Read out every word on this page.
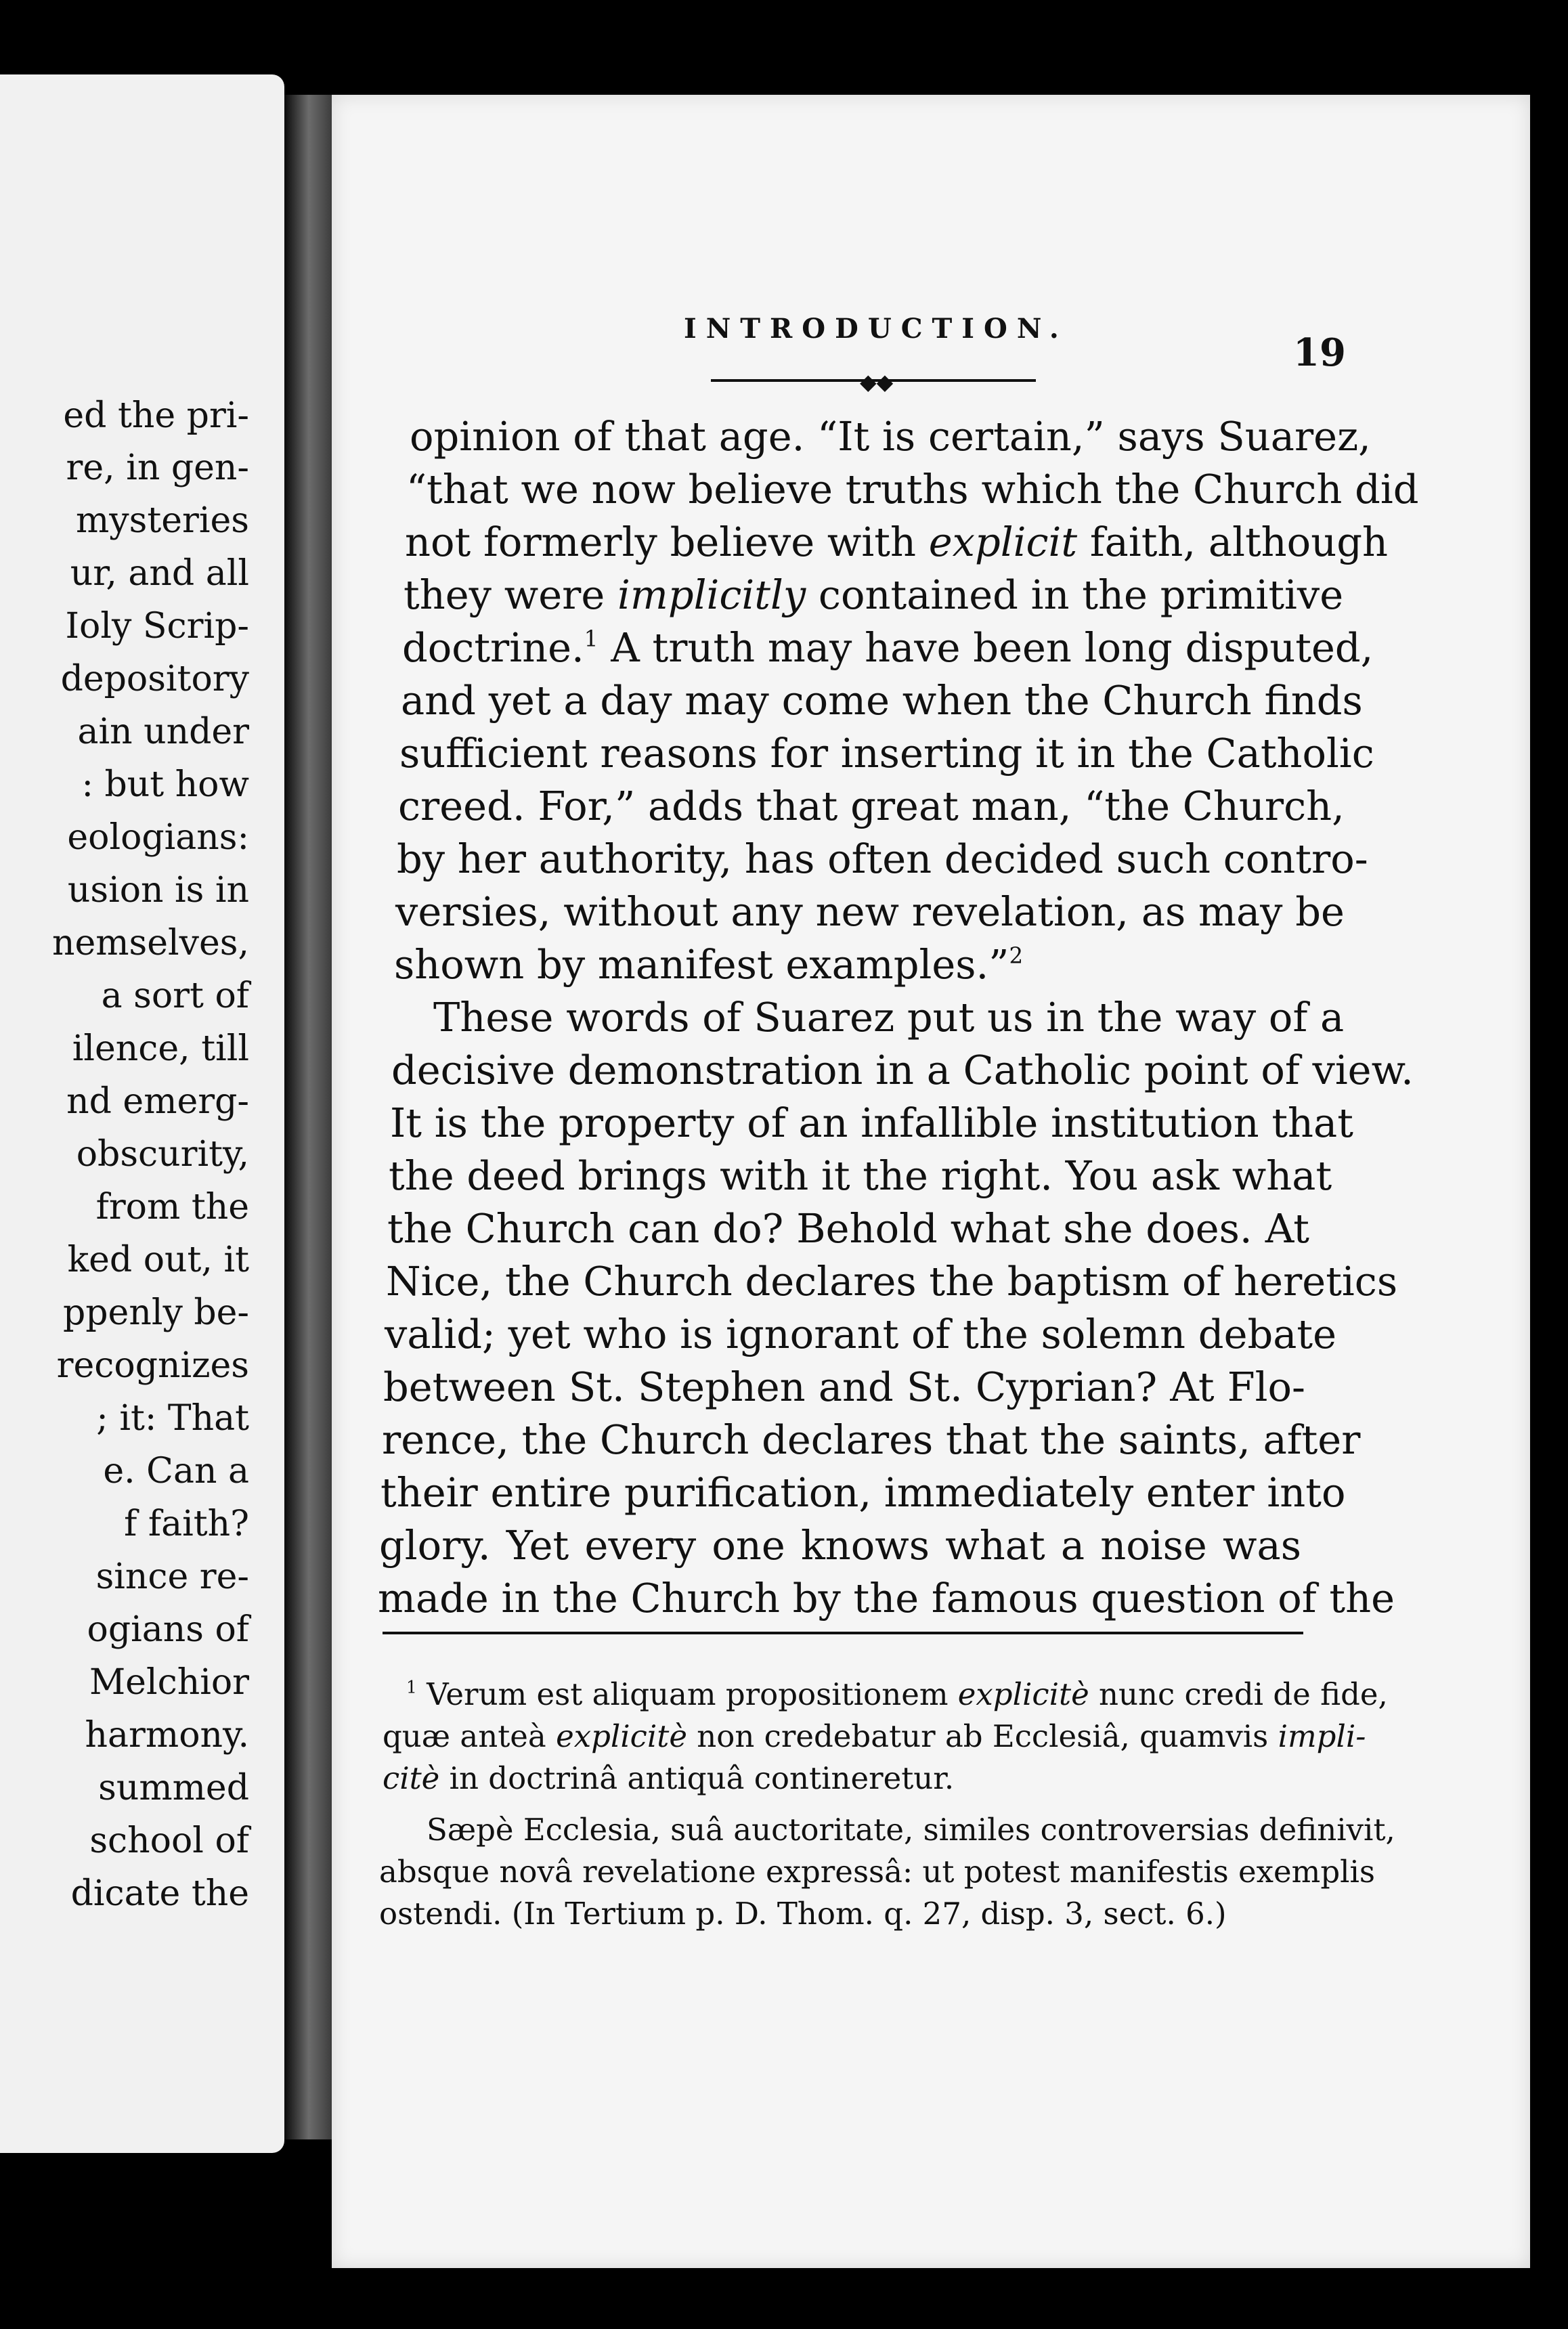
ed the pri-
re, in gen-
mysteries
ur, and all
Ioly Scrip-
depository
ain under
: but how
eologians:
usion is in
nemselves,
a sort of
ilence, till
nd emerg-
obscurity,
from the
ked out, it
ppenly be-
recognizes
; it: That
e. Can a
f faith?
since re-
ogians of
Melchior
harmony.
summed
school of
dicate the
INTRODUCTION.
◆◆
19
opinion of that age. “It is certain,” says Suarez,
“that we now believe truths which the Church did
not formerly believe with explicit faith, although
they were implicitly contained in the primitive
doctrine.$^1$ A truth may have been long disputed,
and yet a day may come when the Church finds
sufficient reasons for inserting it in the Catholic
creed. For,” adds that great man, “the Church,
by her authority, has often decided such contro-
versies, without any new revelation, as may be
shown by manifest examples.”$^2$
These words of Suarez put us in the way of a
decisive demonstration in a Catholic point of view.
It is the property of an infallible institution that
the deed brings with it the right. You ask what
the Church can do? Behold what she does. At
Nice, the Church declares the baptism of heretics
valid; yet who is ignorant of the solemn debate
between St. Stephen and St. Cyprian? At Flo-
rence, the Church declares that the saints, after
their entire purification, immediately enter into
glory. Yet every one knows what a noise was
made in the Church by the famous question of the
$^1$ Verum est aliquam propositionem explicitè nunc credi de fide,
quæ anteà explicitè non credebatur ab Ecclesiâ, quamvis impli-
citè in doctrinâ antiquâ contineretur.
Sæpè Ecclesia, suâ auctoritate, similes controversias definivit,
absque novâ revelatione expressâ: ut potest manifestis exemplis
ostendi. (In Tertium p. D. Thom. q. 27, disp. 3, sect. 6.)
